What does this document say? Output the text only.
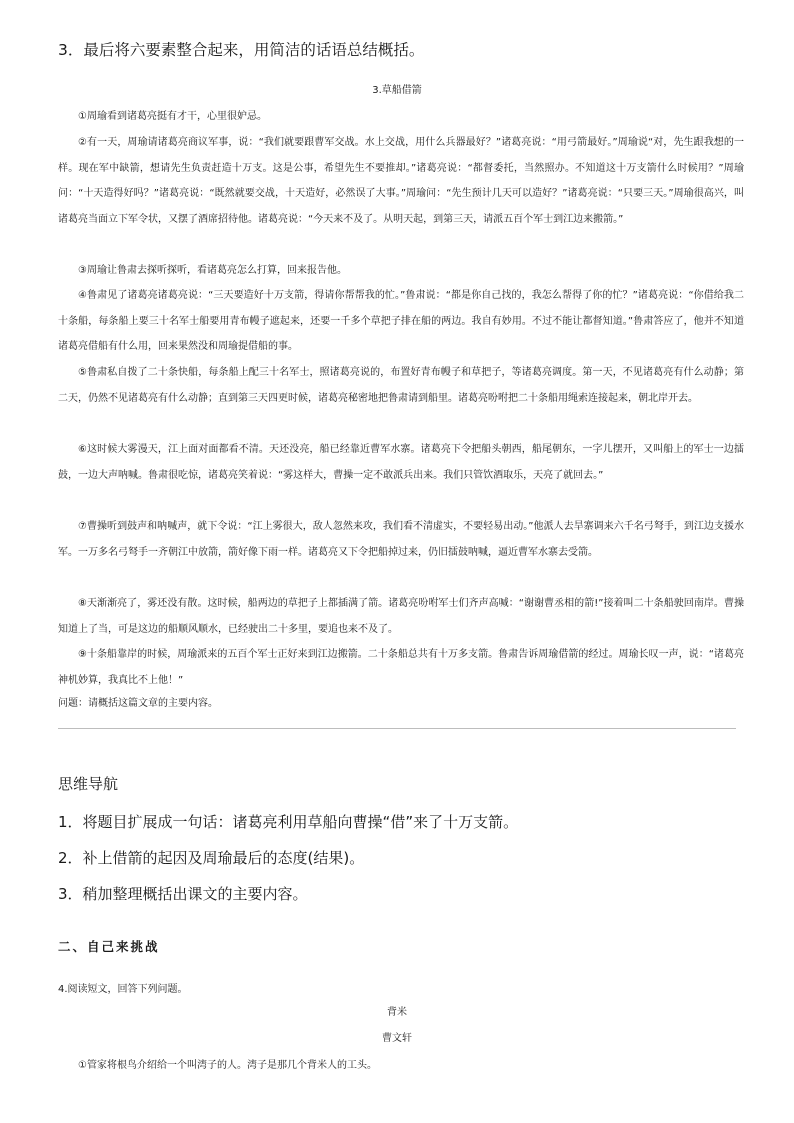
3．最后将六要素整合起来，用简洁的话语总结概括。
3.草船借箭

①周瑜看到诸葛亮挺有才干，心里很妒忌。

②有一天，周瑜请诸葛亮商议军事，说：“我们就要跟曹军交战。水上交战，用什么兵器最好？”诸葛亮说：“用弓箭最好。”周瑜说“对，先生跟我想的一样。现在军中缺箭，想请先生负责赶造十万支。这是公事，希望先生不要推却。”诸葛亮说：“都督委托，当然照办。不知道这十万支箭什么时候用？”周瑜问：“十天造得好吗？”诸葛亮说：“既然就要交战，十天造好，必然误了大事。”周瑜问：“先生预计几天可以造好？”诸葛亮说：“只要三天。”周瑜很高兴，叫诸葛亮当面立下军令状，又摆了酒席招待他。诸葛亮说：“今天来不及了。从明天起，到第三天，请派五百个军士到江边来搬箭。”

③周瑜让鲁肃去探听探听，看诸葛亮怎么打算，回来报告他。

④鲁肃见了诸葛亮诸葛亮说：“三天要造好十万支箭，得请你帮帮我的忙。”鲁肃说：“都是你自己找的，我怎么帮得了你的忙？”诸葛亮说：“你借给我二十条船，每条船上要三十名军士船要用青布幔子遮起来，还要一千多个草把子排在船的两边。我自有妙用。不过不能让都督知道。”鲁肃答应了，他并不知道诸葛亮借船有什么用，回来果然没和周瑜提借船的事。

⑤鲁肃私自拨了二十条快船，每条船上配三十名军士，照诸葛亮说的，布置好青布幔子和草把子，等诸葛亮调度。第一天，不见诸葛亮有什么动静；第二天，仍然不见诸葛亮有什么动静；直到第三天四更时候，诸葛亮秘密地把鲁肃请到船里。诸葛亮吩咐把二十条船用绳索连接起来，朝北岸开去。

⑥这时候大雾漫天，江上面对面都看不清。天还没亮，船已经靠近曹军水寨。诸葛亮下令把船头朝西，船尾朝东，一字儿摆开，又叫船上的军士一边擂鼓，一边大声呐喊。鲁肃很吃惊，诸葛亮笑着说：“雾这样大，曹操一定不敢派兵出来。我们只管饮酒取乐，天亮了就回去。”

⑦曹操听到鼓声和呐喊声，就下令说：“江上雾很大，敌人忽然来攻，我们看不清虚实，不要轻易出动。”他派人去旱寨调来六千名弓弩手，到江边支援水军。一万多名弓弩手一齐朝江中放箭，箭好像下雨一样。诸葛亮又下令把船掉过来，仍旧擂鼓呐喊，逼近曹军水寨去受箭。

⑧天渐渐亮了，雾还没有散。这时候，船两边的草把子上都插满了箭。诸葛亮吩咐军士们齐声高喊：“谢谢曹丞相的箭!”接着叫二十条船驶回南岸。曹操知道上了当，可是这边的船顺风顺水，已经驶出二十多里，要追也来不及了。

⑨十条船靠岸的时候，周瑜派来的五百个军士正好来到江边搬箭。二十条船总共有十万多支箭。鲁肃告诉周瑜借箭的经过。周瑜长叹一声，说：“诸葛亮神机妙算，我真比不上他！”

问题：请概括这篇文章的主要内容。
思维导航
1．将题目扩展成一句话：诸葛亮利用草船向曹操“借”来了十万支箭。
2．补上借箭的起因及周瑜最后的态度(结果)。
3．稍加整理概括出课文的主要内容。
二、自己来挑战
4.阅读短文，回答下列问题。
背米
曹文轩

①管家将根鸟介绍给一个叫湾子的人。湾子是那几个背米人的工头。
